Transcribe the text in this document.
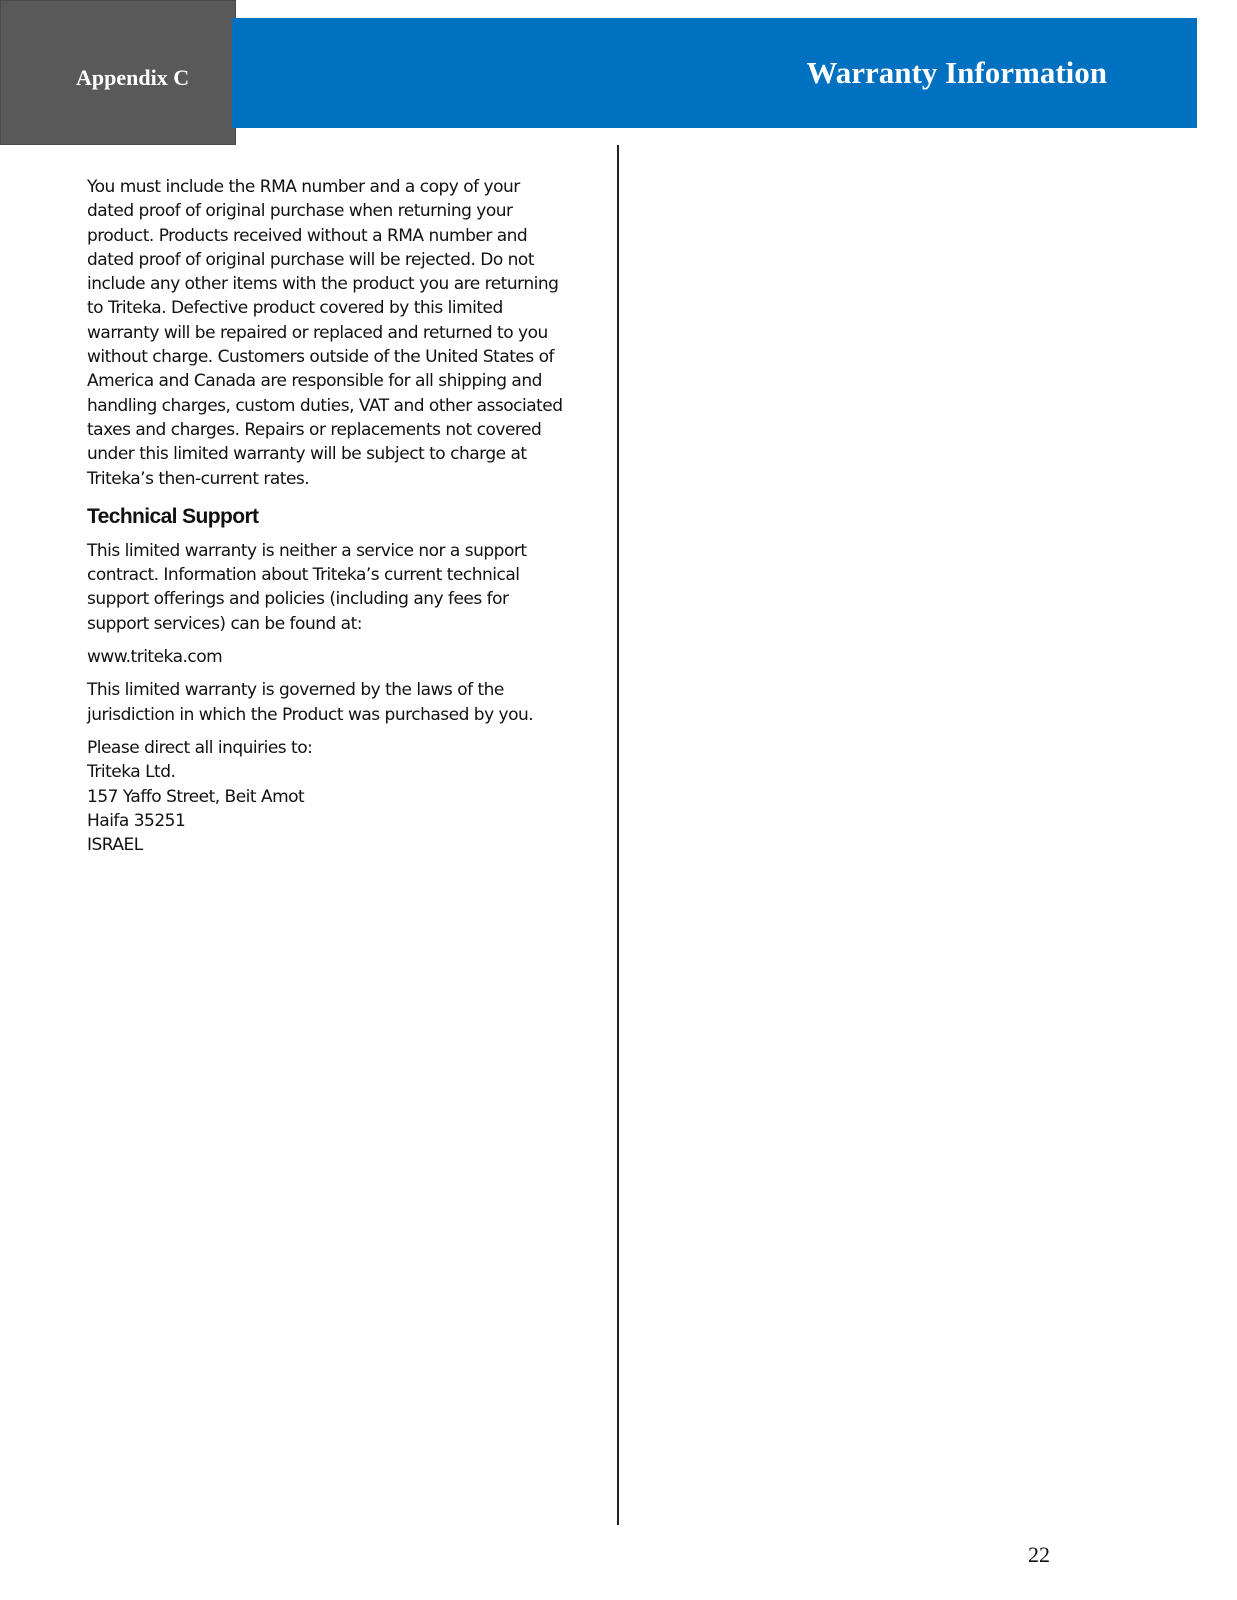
Appendix C	Warranty Information

You must include the RMA number and a copy of your dated proof of original purchase when returning your product. Products received without a RMA number and dated proof of original purchase will be rejected. Do not include any other items with the product you are returning to Triteka. Defective product covered by this limited warranty will be repaired or replaced and returned to you without charge. Customers outside of the United States of America and Canada are responsible for all shipping and handling charges, custom duties, VAT and other associated taxes and charges. Repairs or replacements not covered under this limited warranty will be subject to charge at Triteka’s then-current rates.

Technical Support

This limited warranty is neither a service nor a support contract. Information about Triteka’s current technical support offerings and policies (including any fees for support services) can be found at:

www.triteka.com

This limited warranty is governed by the laws of the jurisdiction in which the Product was purchased by you.

Please direct all inquiries to:
Triteka Ltd.
157 Yaffo Street, Beit Amot
Haifa 35251
ISRAEL

22
